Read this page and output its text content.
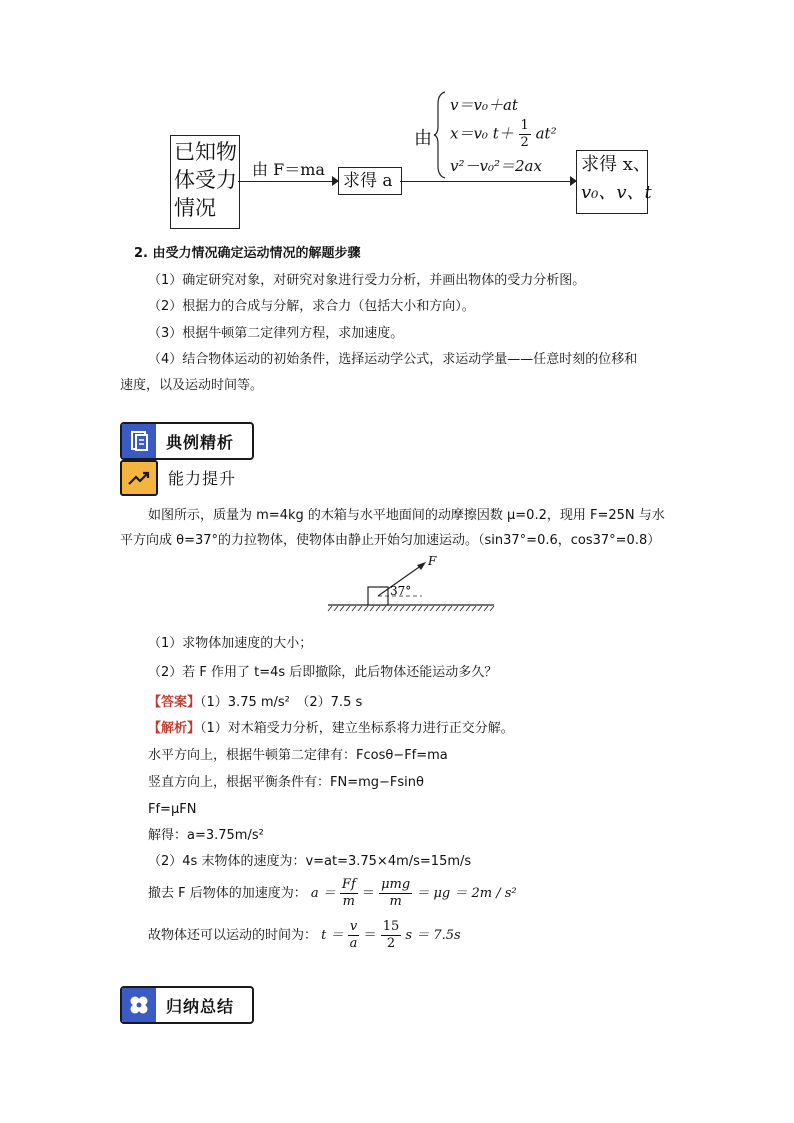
已知物
体受力
情况
由 F＝ma
求得 a
由
v＝v₀＋at
x＝v₀ $t+ \frac{1}{2} at^2$
v²－v₀²＝2ax 求得 x、
v₀、v、t
2. 由受力情况确定运动情况的解题步骤
（1）确定研究对象，对研究对象进行受力分析，并画出物体的受力分析图。
（2）根据力的合成与分解，求合力（包括大小和方向）。
（3）根据牛顿第二定律列方程，求加速度。
（4）结合物体运动的初始条件，选择运动学公式，求运动学量——任意时刻的位移和
速度，以及运动时间等。
典例精析
能力提升
如图所示，质量为 m=4kg 的木箱与水平地面间的动摩擦因数 μ=0.2，现用 F=25N 与水
平方向成 θ=37°的力拉物体，使物体由静止开始匀加速运动。（sin37°=0.6，cos37°=0.8）
F
37°
（1）求物体加速度的大小；
（2）若 F 作用了 t=4s 后即撤除，此后物体还能运动多久？
【答案】（1）3.75 m/s²　（2）7.5 s
【解析】（1）对木箱受力分析，建立坐标系将力进行正交分解。
水平方向上，根据牛顿第二定律有：Fcosθ−Ff=ma
竖直方向上，根据平衡条件有：FN=mg−Fsinθ
Ff=μFN
解得：a=3.75m/s²
（2）4s 末物体的速度为：v=at=3.75×4m/s=15m/s
撤去 F 后物体的加速度为： $a = \frac{Ff}{m} = \frac{\text{μmg}}{m} = \mu g = 2m / s^2$
故物体还可以运动的时间为： $t = \frac{v}{a} = \frac{15}{2}$ s ＝ 7.5s
归纳总结
